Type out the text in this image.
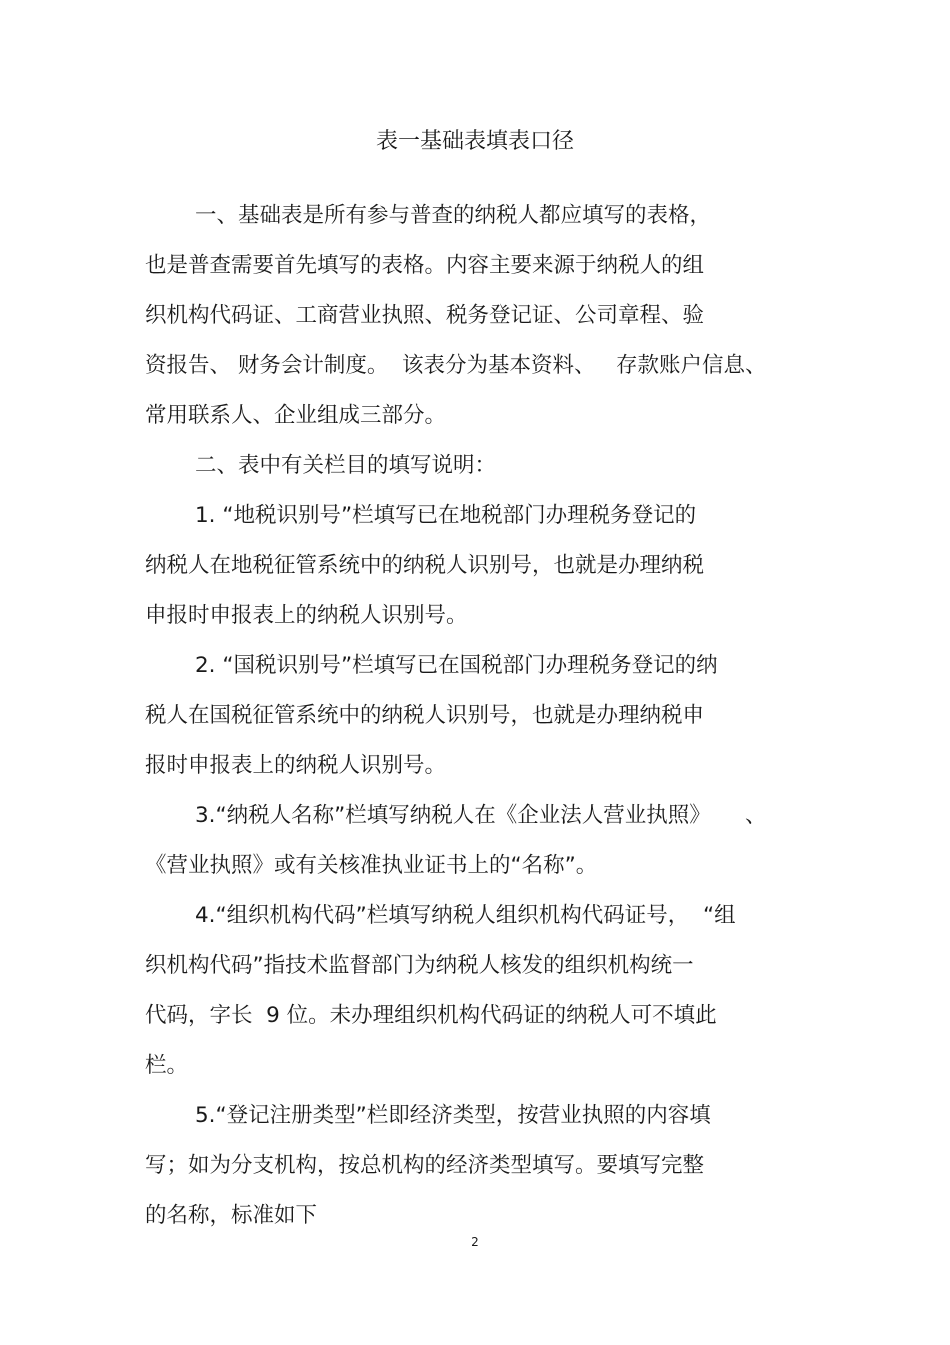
表一基础表填表口径
一、基础表是所有参与普查的纳税人都应填写的表格，
也是普查需要首先填写的表格。内容主要来源于纳税人的组
织机构代码证、工商营业执照、税务登记证、公司章程、验
资报告、 财务会计制度。  该表分为基本资料、   存款账户信息、
常用联系人、企业组成三部分。
二、表中有关栏目的填写说明：
1. “地税识别号”栏填写已在地税部门办理税务登记的
纳税人在地税征管系统中的纳税人识别号，也就是办理纳税
申报时申报表上的纳税人识别号。
2. “国税识别号”栏填写已在国税部门办理税务登记的纳
税人在国税征管系统中的纳税人识别号，也就是办理纳税申
报时申报表上的纳税人识别号。
3.“纳税人名称”栏填写纳税人在《企业法人营业执照》     、
《营业执照》或有关核准执业证书上的“名称”。
4.“组织机构代码”栏填写纳税人组织机构代码证号，  “组
织机构代码”指技术监督部门为纳税人核发的组织机构统一
代码，字长  9 位。未办理组织机构代码证的纳税人可不填此
栏。
5.“登记注册类型”栏即经济类型，按营业执照的内容填
写；如为分支机构，按总机构的经济类型填写。要填写完整
的名称，标准如下
2
